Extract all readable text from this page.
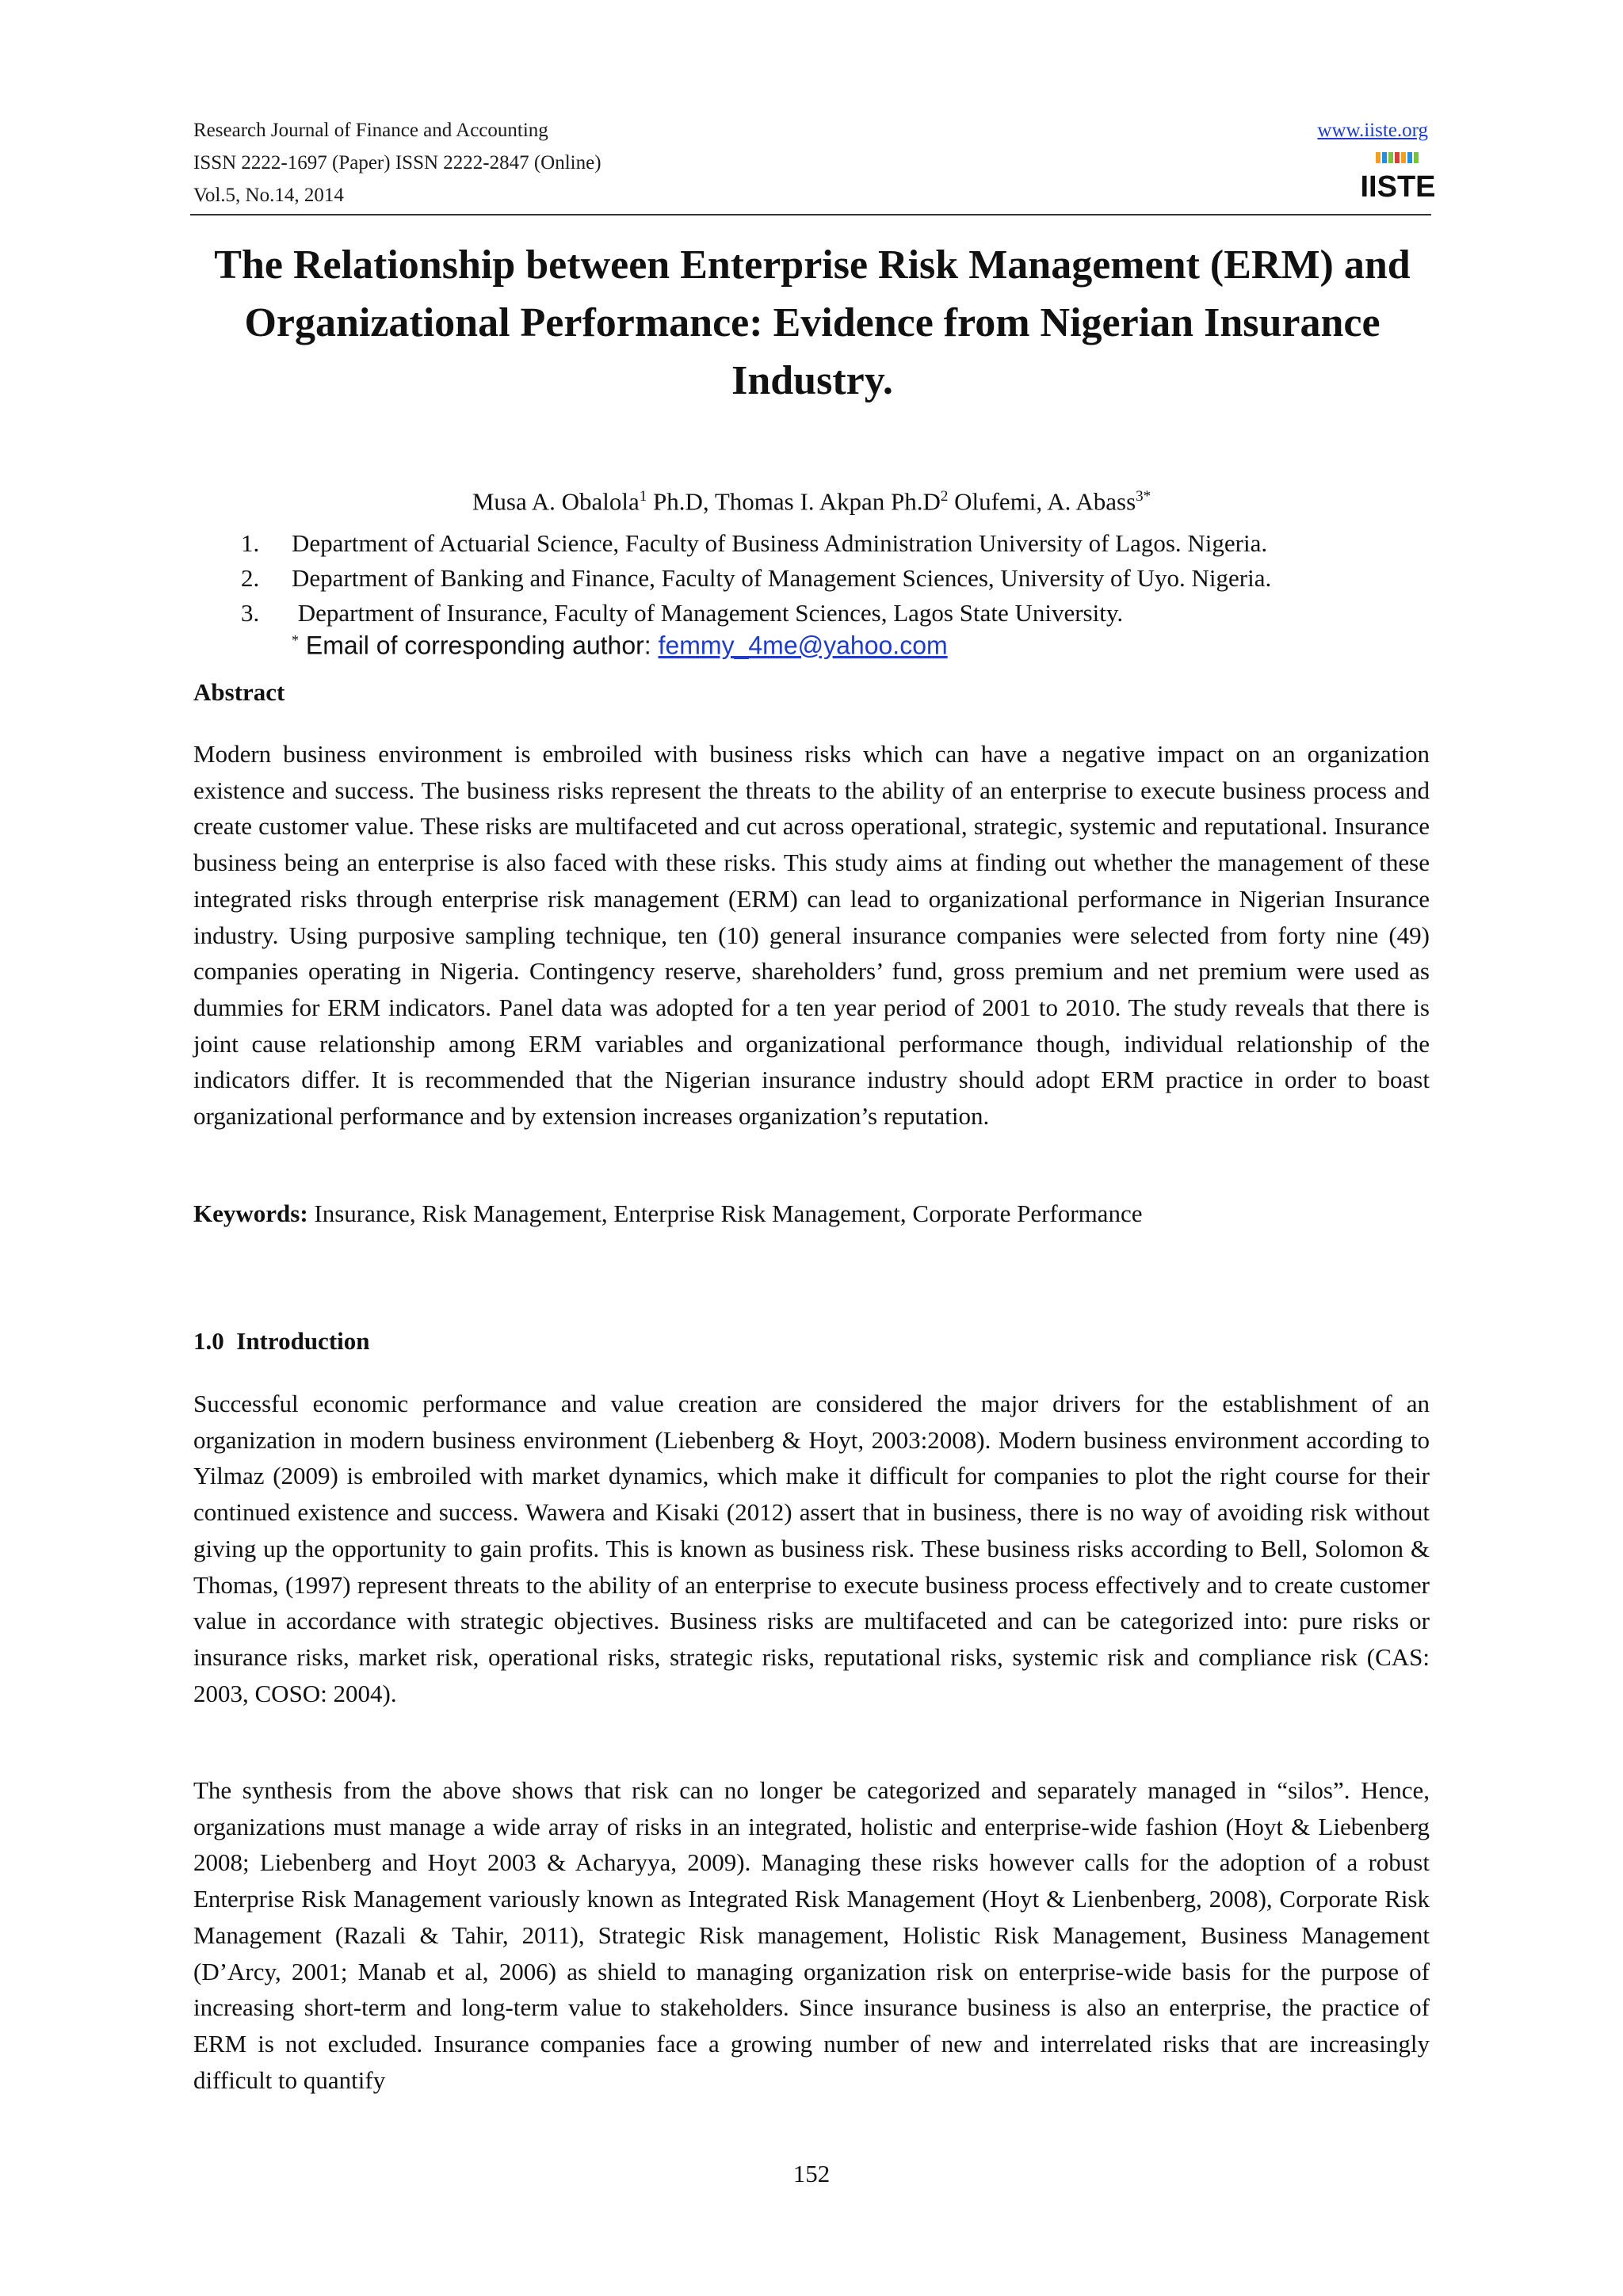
Research Journal of Finance and Accounting
ISSN 2222-1697 (Paper) ISSN 2222-2847 (Online)
Vol.5, No.14, 2014
www.iiste.org
IISTE
The Relationship between Enterprise Risk Management (ERM) and Organizational Performance: Evidence from Nigerian Insurance Industry.
Musa A. Obalola$^1$ Ph.D, Thomas I. Akpan $Ph.D^2$ Olufemi, A. Abass$^{3*}$
1.	Department of Actuarial Science, Faculty of Business Administration University of Lagos. Nigeria.
2.	Department of Banking and Finance, Faculty of Management Sciences, University of Uyo. Nigeria.
3.	Department of Insurance, Faculty of Management Sciences, Lagos State University.
* Email of corresponding author: femmy_4me@yahoo.com
Abstract
Modern business environment is embroiled with business risks which can have a negative impact on an organization existence and success. The business risks represent the threats to the ability of an enterprise to execute business process and create customer value. These risks are multifaceted and cut across operational, strategic, systemic and reputational. Insurance business being an enterprise is also faced with these risks. This study aims at finding out whether the management of these integrated risks through enterprise risk management (ERM) can lead to organizational performance in Nigerian Insurance industry. Using purposive sampling technique, ten (10) general insurance companies were selected from forty nine (49) companies operating in Nigeria. Contingency reserve, shareholders’ fund, gross premium and net premium were used as dummies for ERM indicators. Panel data was adopted for a ten year period of 2001 to 2010. The study reveals that there is joint cause relationship among ERM variables and organizational performance though, individual relationship of the indicators differ. It is recommended that the Nigerian insurance industry should adopt ERM practice in order to boast organizational performance and by extension increases organization’s reputation.
Keywords: Insurance, Risk Management, Enterprise Risk Management, Corporate Performance
1.0  Introduction
Successful economic performance and value creation are considered the major drivers for the establishment of an organization in modern business environment (Liebenberg & Hoyt, 2003:2008). Modern business environment according to Yilmaz (2009) is embroiled with market dynamics, which make it difficult for companies to plot the right course for their continued existence and success. Wawera and Kisaki (2012) assert that in business, there is no way of avoiding risk without giving up the opportunity to gain profits. This is known as business risk. These business risks according to Bell, Solomon & Thomas, (1997) represent threats to the ability of an enterprise to execute business process effectively and to create customer value in accordance with strategic objectives. Business risks are multifaceted and can be categorized into: pure risks or insurance risks, market risk, operational risks, strategic risks, reputational risks, systemic risk and compliance risk (CAS: 2003, COSO: 2004).
The synthesis from the above shows that risk can no longer be categorized and separately managed in “silos”. Hence, organizations must manage a wide array of risks in an integrated, holistic and enterprise-wide fashion (Hoyt & Liebenberg 2008; Liebenberg and Hoyt 2003 & Acharyya, 2009). Managing these risks however calls for the adoption of a robust Enterprise Risk Management variously known as Integrated Risk Management (Hoyt & Lienbenberg, 2008), Corporate Risk Management (Razali & Tahir, 2011), Strategic Risk management, Holistic Risk Management, Business Management (D’Arcy, 2001; Manab et al, 2006) as shield to managing organization risk on enterprise-wide basis for the purpose of increasing short-term and long-term value to stakeholders. Since insurance business is also an enterprise, the practice of ERM is not excluded. Insurance companies face a growing number of new and interrelated risks that are increasingly difficult to quantify
152
